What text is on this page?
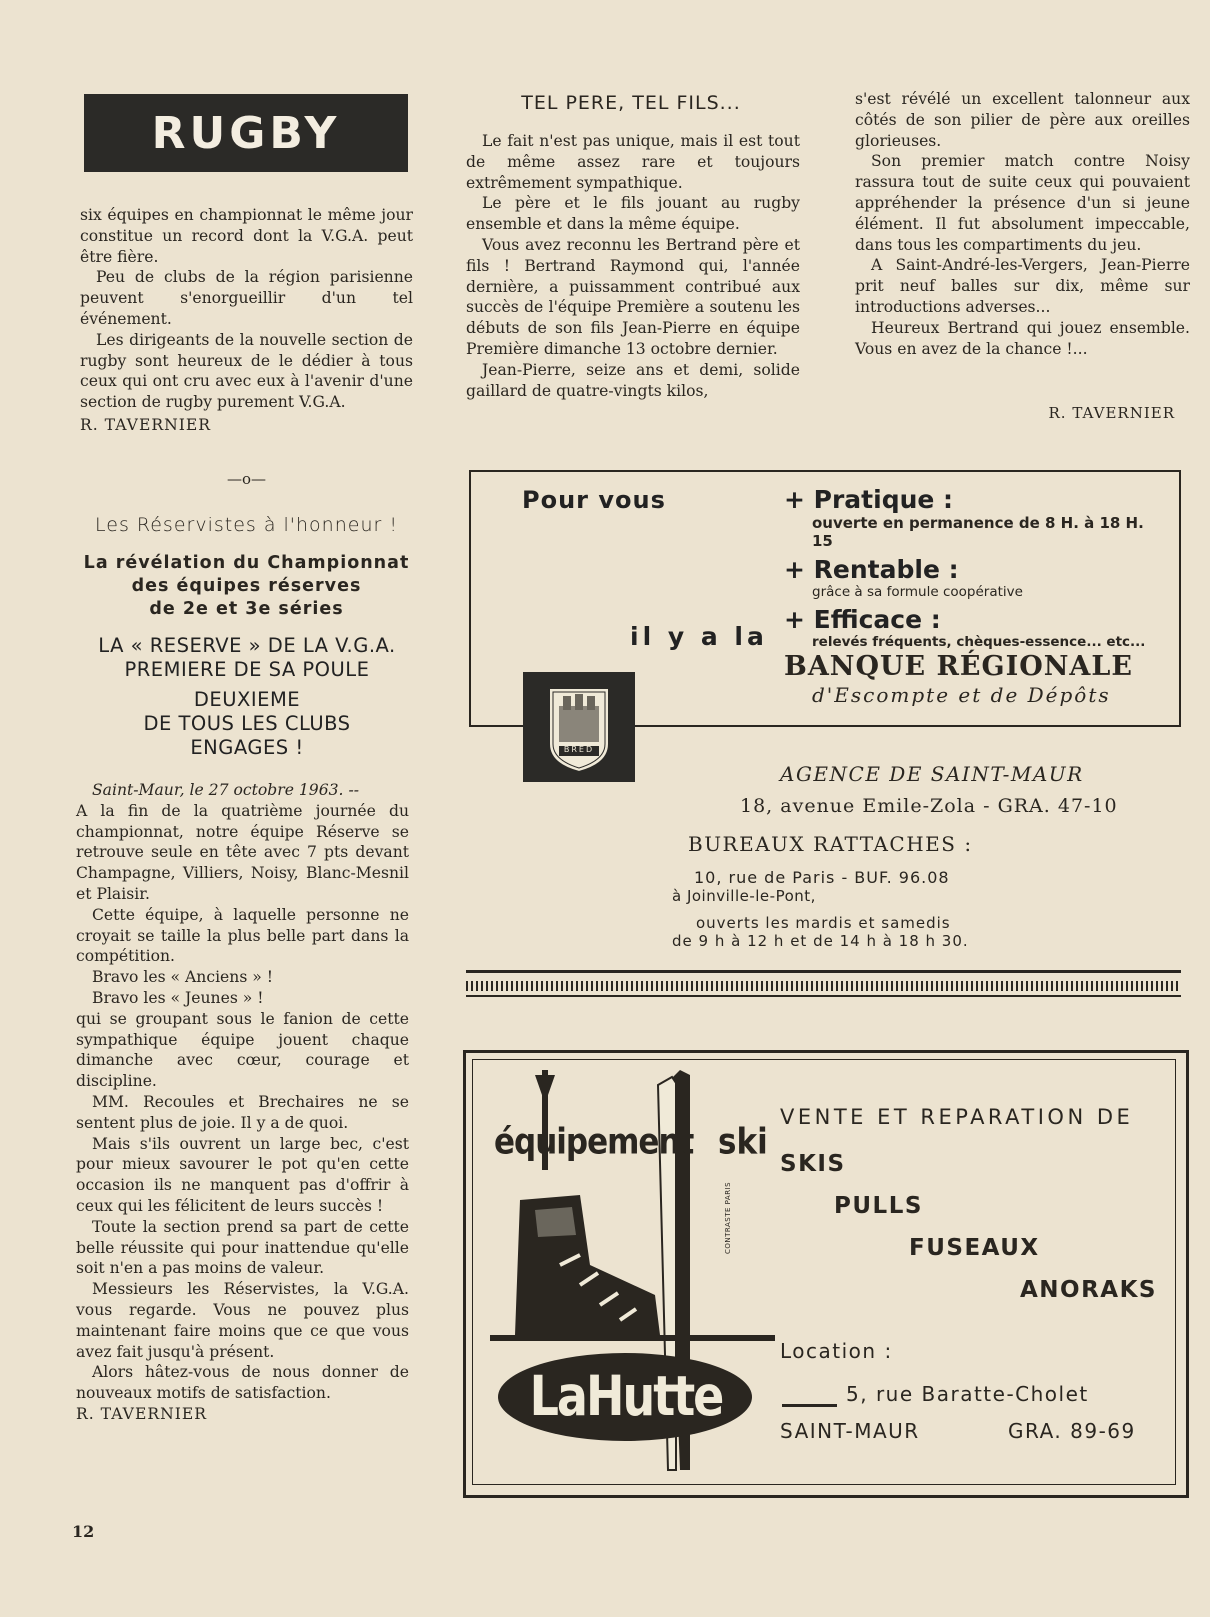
RUGBY

six équipes en championnat le même jour constitue un record dont la V.G.A. peut être fière.

Peu de clubs de la région parisienne peuvent s'enorgueillir d'un tel événement.

Les dirigeants de la nouvelle section de rugby sont heureux de le dédier à tous ceux qui ont cru avec eux à l'avenir d'une section de rugby purement V.G.A.

R. TAVERNIER

—o—
Les Réservistes à l'honneur !
La révélation du Championnat
des équipes réserves
de 2e et 3e séries
LA « RESERVE » DE LA V.G.A.
PREMIERE DE SA POULE
DEUXIEME
DE TOUS LES CLUBS
ENGAGES !

Saint-Maur, le 27 octobre 1963. --

A la fin de la quatrième journée du championnat, notre équipe Réserve se retrouve seule en tête avec 7 pts devant Champagne, Villiers, Noisy, Blanc-Mesnil et Plaisir.

Cette équipe, à laquelle personne ne croyait se taille la plus belle part dans la compétition.

Bravo les « Anciens » !

Bravo les « Jeunes » !

qui se groupant sous le fanion de cette sympathique équipe jouent chaque dimanche avec cœur, courage et discipline.

MM. Recoules et Brechaires ne se sentent plus de joie. Il y a de quoi.

Mais s'ils ouvrent un large bec, c'est pour mieux savourer le pot qu'en cette occasion ils ne manquent pas d'offrir à ceux qui les félicitent de leurs succès !

Toute la section prend sa part de cette belle réussite qui pour inattendue qu'elle soit n'en a pas moins de valeur.

Messieurs les Réservistes, la V.G.A. vous regarde. Vous ne pouvez plus maintenant faire moins que ce que vous avez fait jusqu'à présent.

Alors hâtez-vous de nous donner de nouveaux motifs de satisfaction.

R. TAVERNIER

TEL PERE, TEL FILS...

Le fait n'est pas unique, mais il est tout de même assez rare et toujours extrêmement sympathique.

Le père et le fils jouant au rugby ensemble et dans la même équipe.

Vous avez reconnu les Bertrand père et fils ! Bertrand Raymond qui, l'année dernière, a puissamment contribué aux succès de l'équipe Première a soutenu les débuts de son fils Jean-Pierre en équipe Première dimanche 13 octobre dernier.

Jean-Pierre, seize ans et demi, solide gaillard de quatre-vingts kilos,

s'est révélé un excellent talonneur aux côtés de son pilier de père aux oreilles glorieuses.

Son premier match contre Noisy rassura tout de suite ceux qui pouvaient appréhender la présence d'un si jeune élément. Il fut absolument impeccable, dans tous les compartiments du jeu.

A Saint-André-les-Vergers, Jean-Pierre prit neuf balles sur dix, même sur introductions adverses...

Heureux Bertrand qui jouez ensemble. Vous en avez de la chance !...

R. TAVERNIER
Pour vous
il y a la
+ Pratique :
ouverte en permanence de 8 H. à 18 H. 15
+ Rentable :
grâce à sa formule coopérative
+ Efficace :
relevés fréquents, chèques-essence... etc...
BANQUE RÉGIONALE
d'Escompte et de Dépôts
BRED
AGENCE DE SAINT-MAUR
18, avenue Emile-Zola - GRA. 47-10
BUREAUX RATTACHES :
10, rue de Paris - BUF. 96.08
à Joinville-le-Pont,
ouverts les mardis et samedis
de 9 h à 12 h et de 14 h à 18 h 30.
équipement ski
LaHutte
CONTRASTE PARIS
VENTE ET REPARATION DE
SKIS
PULLS
FUSEAUX
ANORAKS
Location :
5, rue Baratte-Cholet
SAINT-MAUR	GRA. 89-69
12
